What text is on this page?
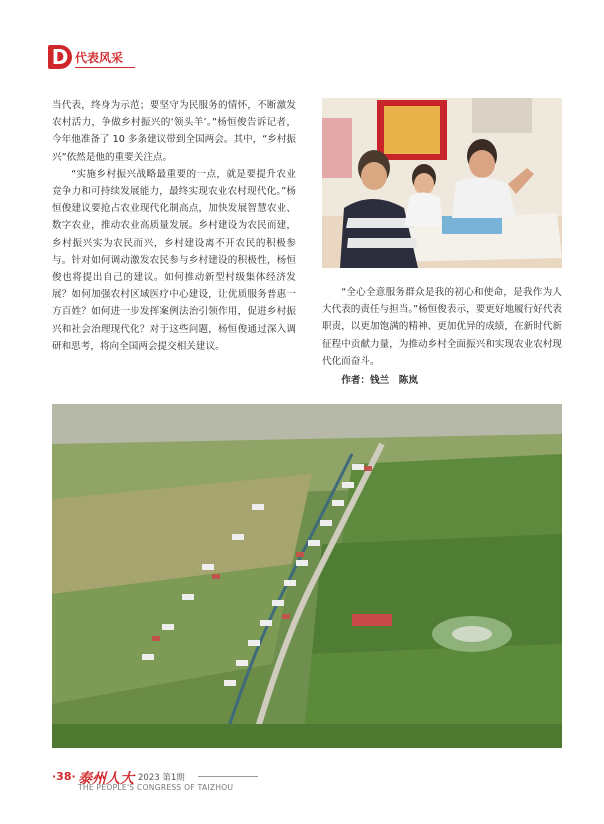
D 代表风采

当代表，终身为示范；要坚守为民服务的情怀，不断激发农村活力，争做乡村振兴的‘领头羊’。”杨恒俊告诉记者，今年他准备了 10 多条建议带到全国两会。其中，“乡村振兴”依然是他的重要关注点。

“实施乡村振兴战略最重要的一点，就是要提升农业竞争力和可持续发展能力，最终实现农业农村现代化。”杨恒俊建议要抢占农业现代化制高点，加快发展智慧农业、数字农业，推动农业高质量发展。乡村建设为农民而建，乡村振兴实为农民而兴，乡村建设离不开农民的积极参与。针对如何调动激发农民参与乡村建设的积极性，杨恒俊也将提出自己的建议。如何推动新型村级集体经济发展？如何加强农村区域医疗中心建设，让优质服务普惠一方百姓？如何进一步发挥案例法治引领作用，促进乡村振兴和社会治理现代化？对于这些问题，杨恒俊通过深入调研和思考，将向全国两会提交相关建议。

“全心全意服务群众是我的初心和使命，是我作为人大代表的责任与担当。”杨恒俊表示，要更好地履行好代表职责，以更加饱满的精神、更加优异的成绩，在新时代新征程中贡献力量，为推动乡村全面振兴和实现农业农村现代化而奋斗。

作者：钱兰　陈岚

·38· 泰州人大 2023 第1期
THE PEOPLE'S CONGRESS OF TAIZHOU
